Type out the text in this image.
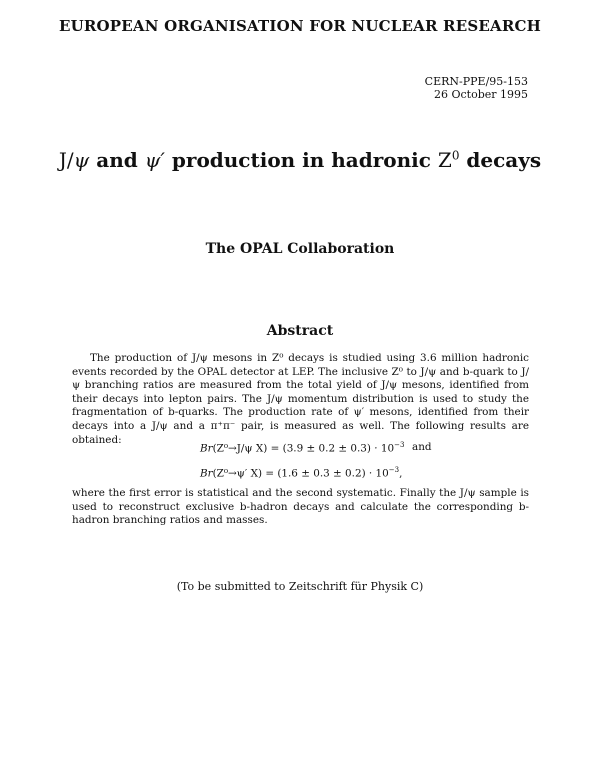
EUROPEAN ORGANISATION FOR NUCLEAR RESEARCH
CERN-PPE/95-153
26 October 1995
J/ψ and ψ′ production in hadronic $Z^0$ decays
The OPAL Collaboration
Abstract

The production of J/ψ mesons in Z⁰ decays is studied using 3.6 million hadronic events recorded by the OPAL detector at LEP. The inclusive Z⁰ to J/ψ and b-quark to J/ψ branching ratios are measured from the total yield of J/ψ mesons, identified from their decays into lepton pairs. The J/ψ momentum distribution is used to study the fragmentation of b-quarks. The production rate of ψ′ mesons, identified from their decays into a J/ψ and a π⁺π⁻ pair, is measured as well. The following results are obtained:

Br(Z⁰→J/ψ $X) = (3.9 \pm 0.2 \pm 0.3) \cdot 10^{-3}$ and
Br(Z⁰→ψ′ $X) = (1.6 \pm 0.3 \pm 0.2) \cdot 10^{-3}$,

where the first error is statistical and the second systematic. Finally the J/ψ sample is used to reconstruct exclusive b-hadron decays and calculate the corresponding b-hadron branching ratios and masses.

(To be submitted to Zeitschrift für Physik C)
